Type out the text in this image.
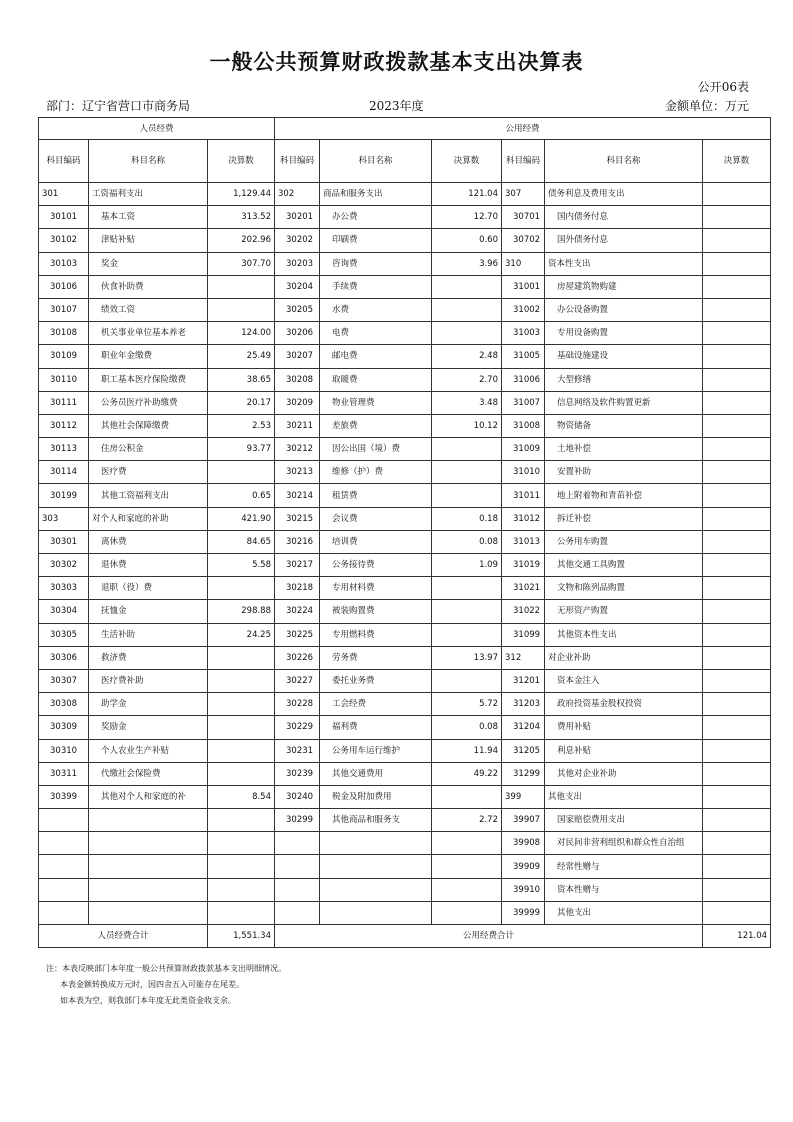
一般公共预算财政拨款基本支出决算表
公开06表
部门：辽宁省营口市商务局	2023年度	金额单位：万元
人员经费			公用经费					
科目编码	科目名称	决算数	科目编码	科目名称	决算数	科目编码	科目名称	决算数
301	工资福利支出	1,129.44	302	商品和服务支出	121.04	307	债务利息及费用支出	
30101	基本工资	313.52	30201	办公费	12.70	30701	国内债务付息	
30102	津贴补贴	202.96	30202	印刷费	0.60	30702	国外债务付息	
30103	奖金	307.70	30203	咨询费	3.96	310	资本性支出	
30106	伙食补助费		30204	手续费		31001	房屋建筑物购建	
30107	绩效工资		30205	水费		31002	办公设备购置	
30108	机关事业单位基本养老	124.00	30206	电费		31003	专用设备购置	
30109	职业年金缴费	25.49	30207	邮电费	2.48	31005	基础设施建设	
30110	职工基本医疗保险缴费	38.65	30208	取暖费	2.70	31006	大型修缮	
30111	公务员医疗补助缴费	20.17	30209	物业管理费	3.48	31007	信息网络及软件购置更新	
30112	其他社会保障缴费	2.53	30211	差旅费	10.12	31008	物资储备	
30113	住房公积金	93.77	30212	因公出国（境）费		31009	土地补偿	
30114	医疗费		30213	维修（护）费		31010	安置补助	
30199	其他工资福利支出	0.65	30214	租赁费		31011	地上附着物和青苗补偿	
303	对个人和家庭的补助	421.90	30215	会议费	0.18	31012	拆迁补偿	
30301	离休费	84.65	30216	培训费	0.08	31013	公务用车购置	
30302	退休费	5.58	30217	公务接待费	1.09	31019	其他交通工具购置	
30303	退职（役）费		30218	专用材料费		31021	文物和陈列品购置	
30304	抚恤金	298.88	30224	被装购置费		31022	无形资产购置	
30305	生活补助	24.25	30225	专用燃料费		31099	其他资本性支出	
30306	救济费		30226	劳务费	13.97	312	对企业补助	
30307	医疗费补助		30227	委托业务费		31201	资本金注入	
30308	助学金		30228	工会经费	5.72	31203	政府投资基金股权投资	
30309	奖励金		30229	福利费	0.08	31204	费用补贴	
30310	个人农业生产补贴		30231	公务用车运行维护	11.94	31205	利息补贴	
30311	代缴社会保险费		30239	其他交通费用	49.22	31299	其他对企业补助	
30399	其他对个人和家庭的补	8.54	30240	税金及附加费用		399	其他支出	
			30299	其他商品和服务支	2.72	39907	国家赔偿费用支出	
						39908	对民间非营利组织和群众性自治组	
						39909	经常性赠与	
						39910	资本性赠与	
						39999	其他支出	
人员经费合计		1,551.34	公用经费合计					121.04
注：本表反映部门本年度一般公共预算财政拨款基本支出明细情况。
本表金额转换成万元时，因四舍五入可能存在尾差。
如本表为空，则我部门本年度无此类资金收支余。
